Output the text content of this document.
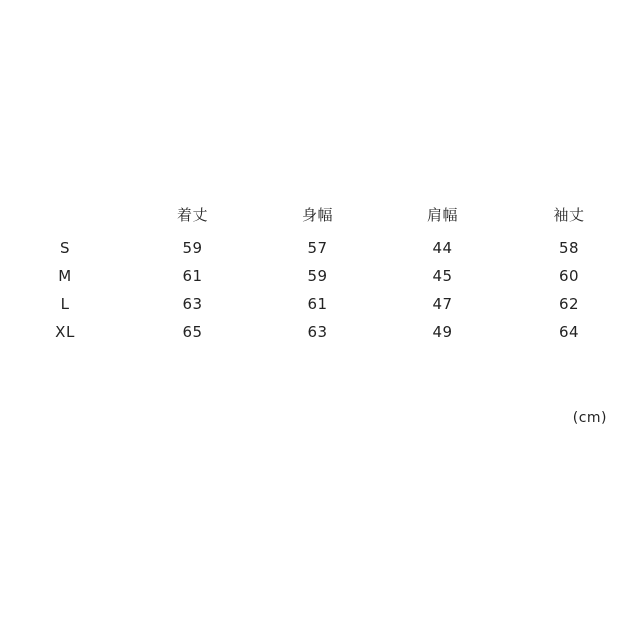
	着丈	身幅	肩幅	袖丈
S	59	57	44	58
M	61	59	45	60
L	63	61	47	62
XL	65	63	49	64
(cm)
